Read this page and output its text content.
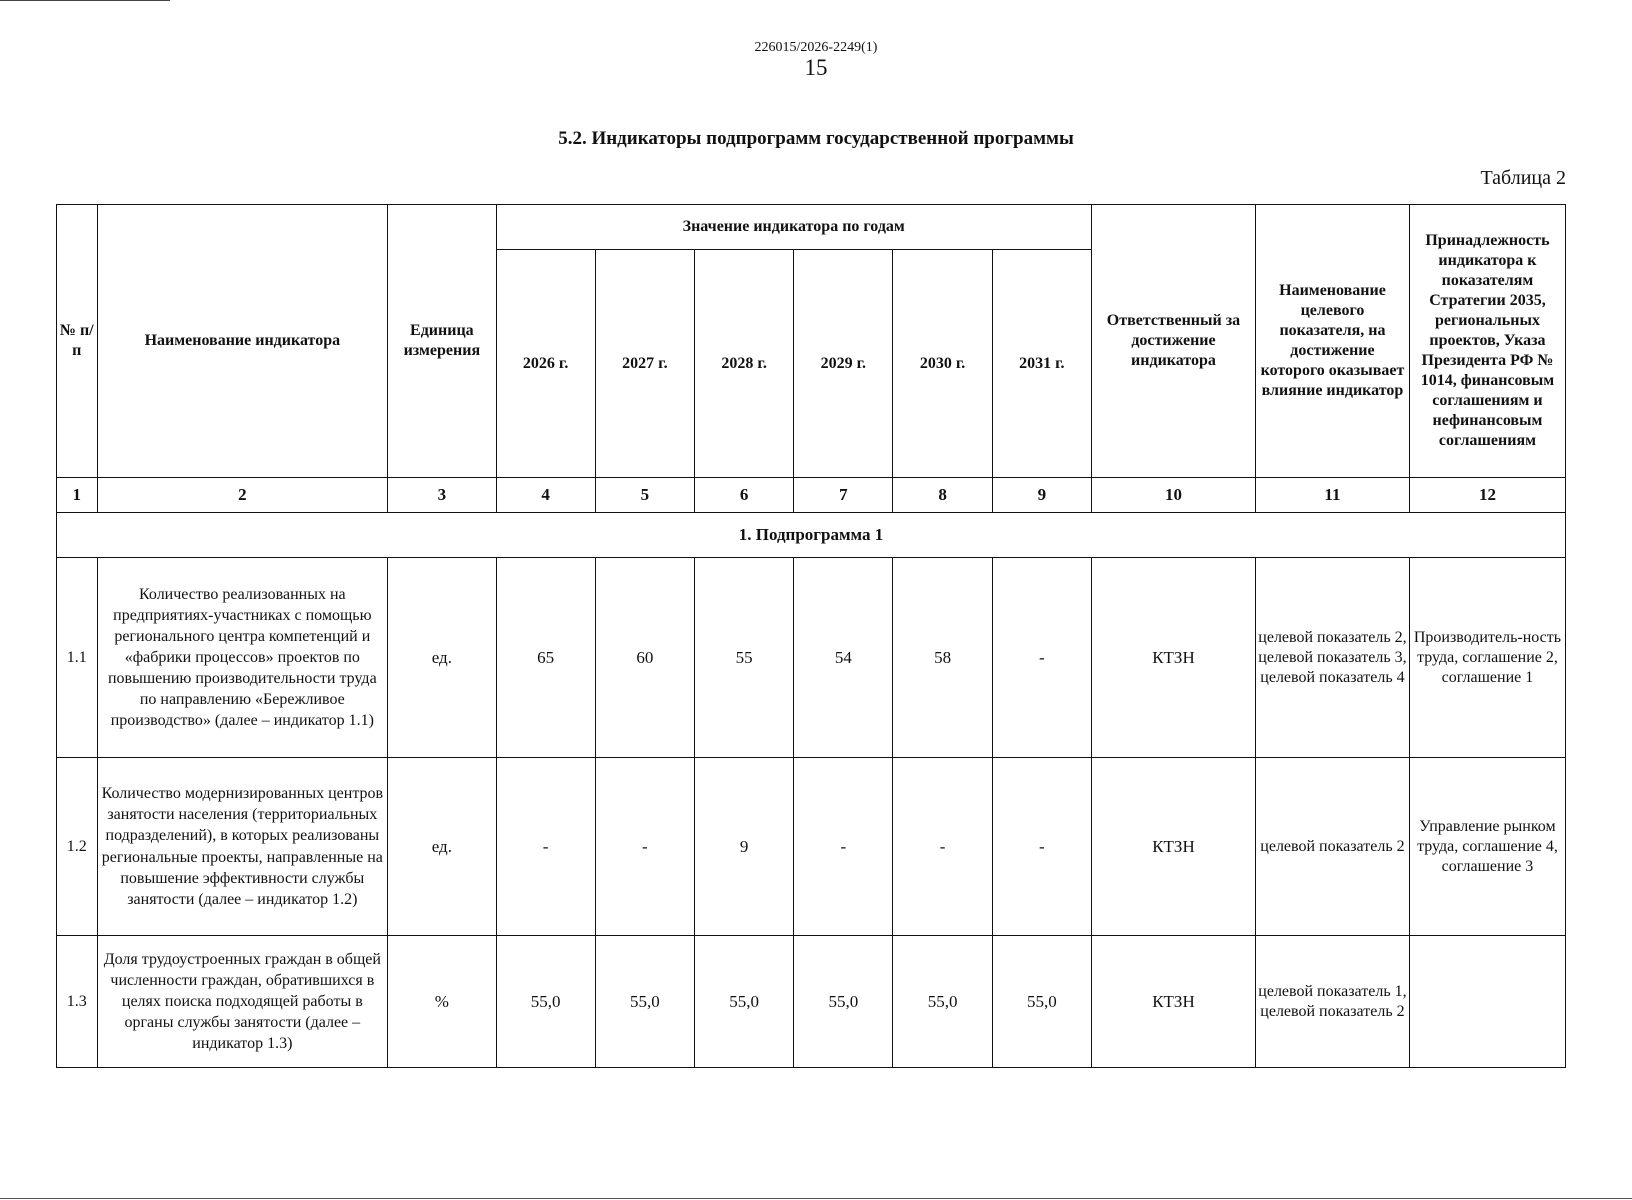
226015/2026-2249(1)
15
5.2. Индикаторы подпрограмм государственной программы
Таблица 2
№ п/п	Наименование индикатора	Единица измерения	Значение индикатора по годам						Ответственный за достижение индикатора	Наименование целевого показателя, на достижение которого оказывает влияние индикатор	Принадлежность индикатора к показателям Стратегии 2035, региональных проектов, Указа Президента РФ № 1014, финансовым соглашениям и нефинансовым соглашениям
			2026 г.	2027 г.	2028 г.	2029 г.	2030 г.	2031 г.			
1	2	3	4	5	6	7	8	9	10	11	12
1. Подпрограмма 1											
1.1	Количество реализованных на предприятиях-участниках с помощью регионального центра компетенций и «фабрики процессов» проектов по повышению производительности труда по направлению «Бережливое производство» (далее – индикатор 1.1)	ед.	65	60	55	54	58	-	КТЗН	целевой показатель 2, целевой показатель 3, целевой показатель 4	Производитель-ность труда, соглашение 2, соглашение 1
1.2	Количество модернизированных центров занятости населения (территориальных подразделений), в которых реализованы региональные проекты, направленные на повышение эффективности службы занятости (далее – индикатор 1.2)	ед.	-	-	9	-	-	-	КТЗН	целевой показатель 2	Управление рынком труда, соглашение 4, соглашение 3
1.3	Доля трудоустроенных граждан в общей численности граждан, обратившихся в целях поиска подходящей работы в органы службы занятости (далее – индикатор 1.3)	%	55,0	55,0	55,0	55,0	55,0	55,0	КТЗН	целевой показатель 1, целевой показатель 2	
